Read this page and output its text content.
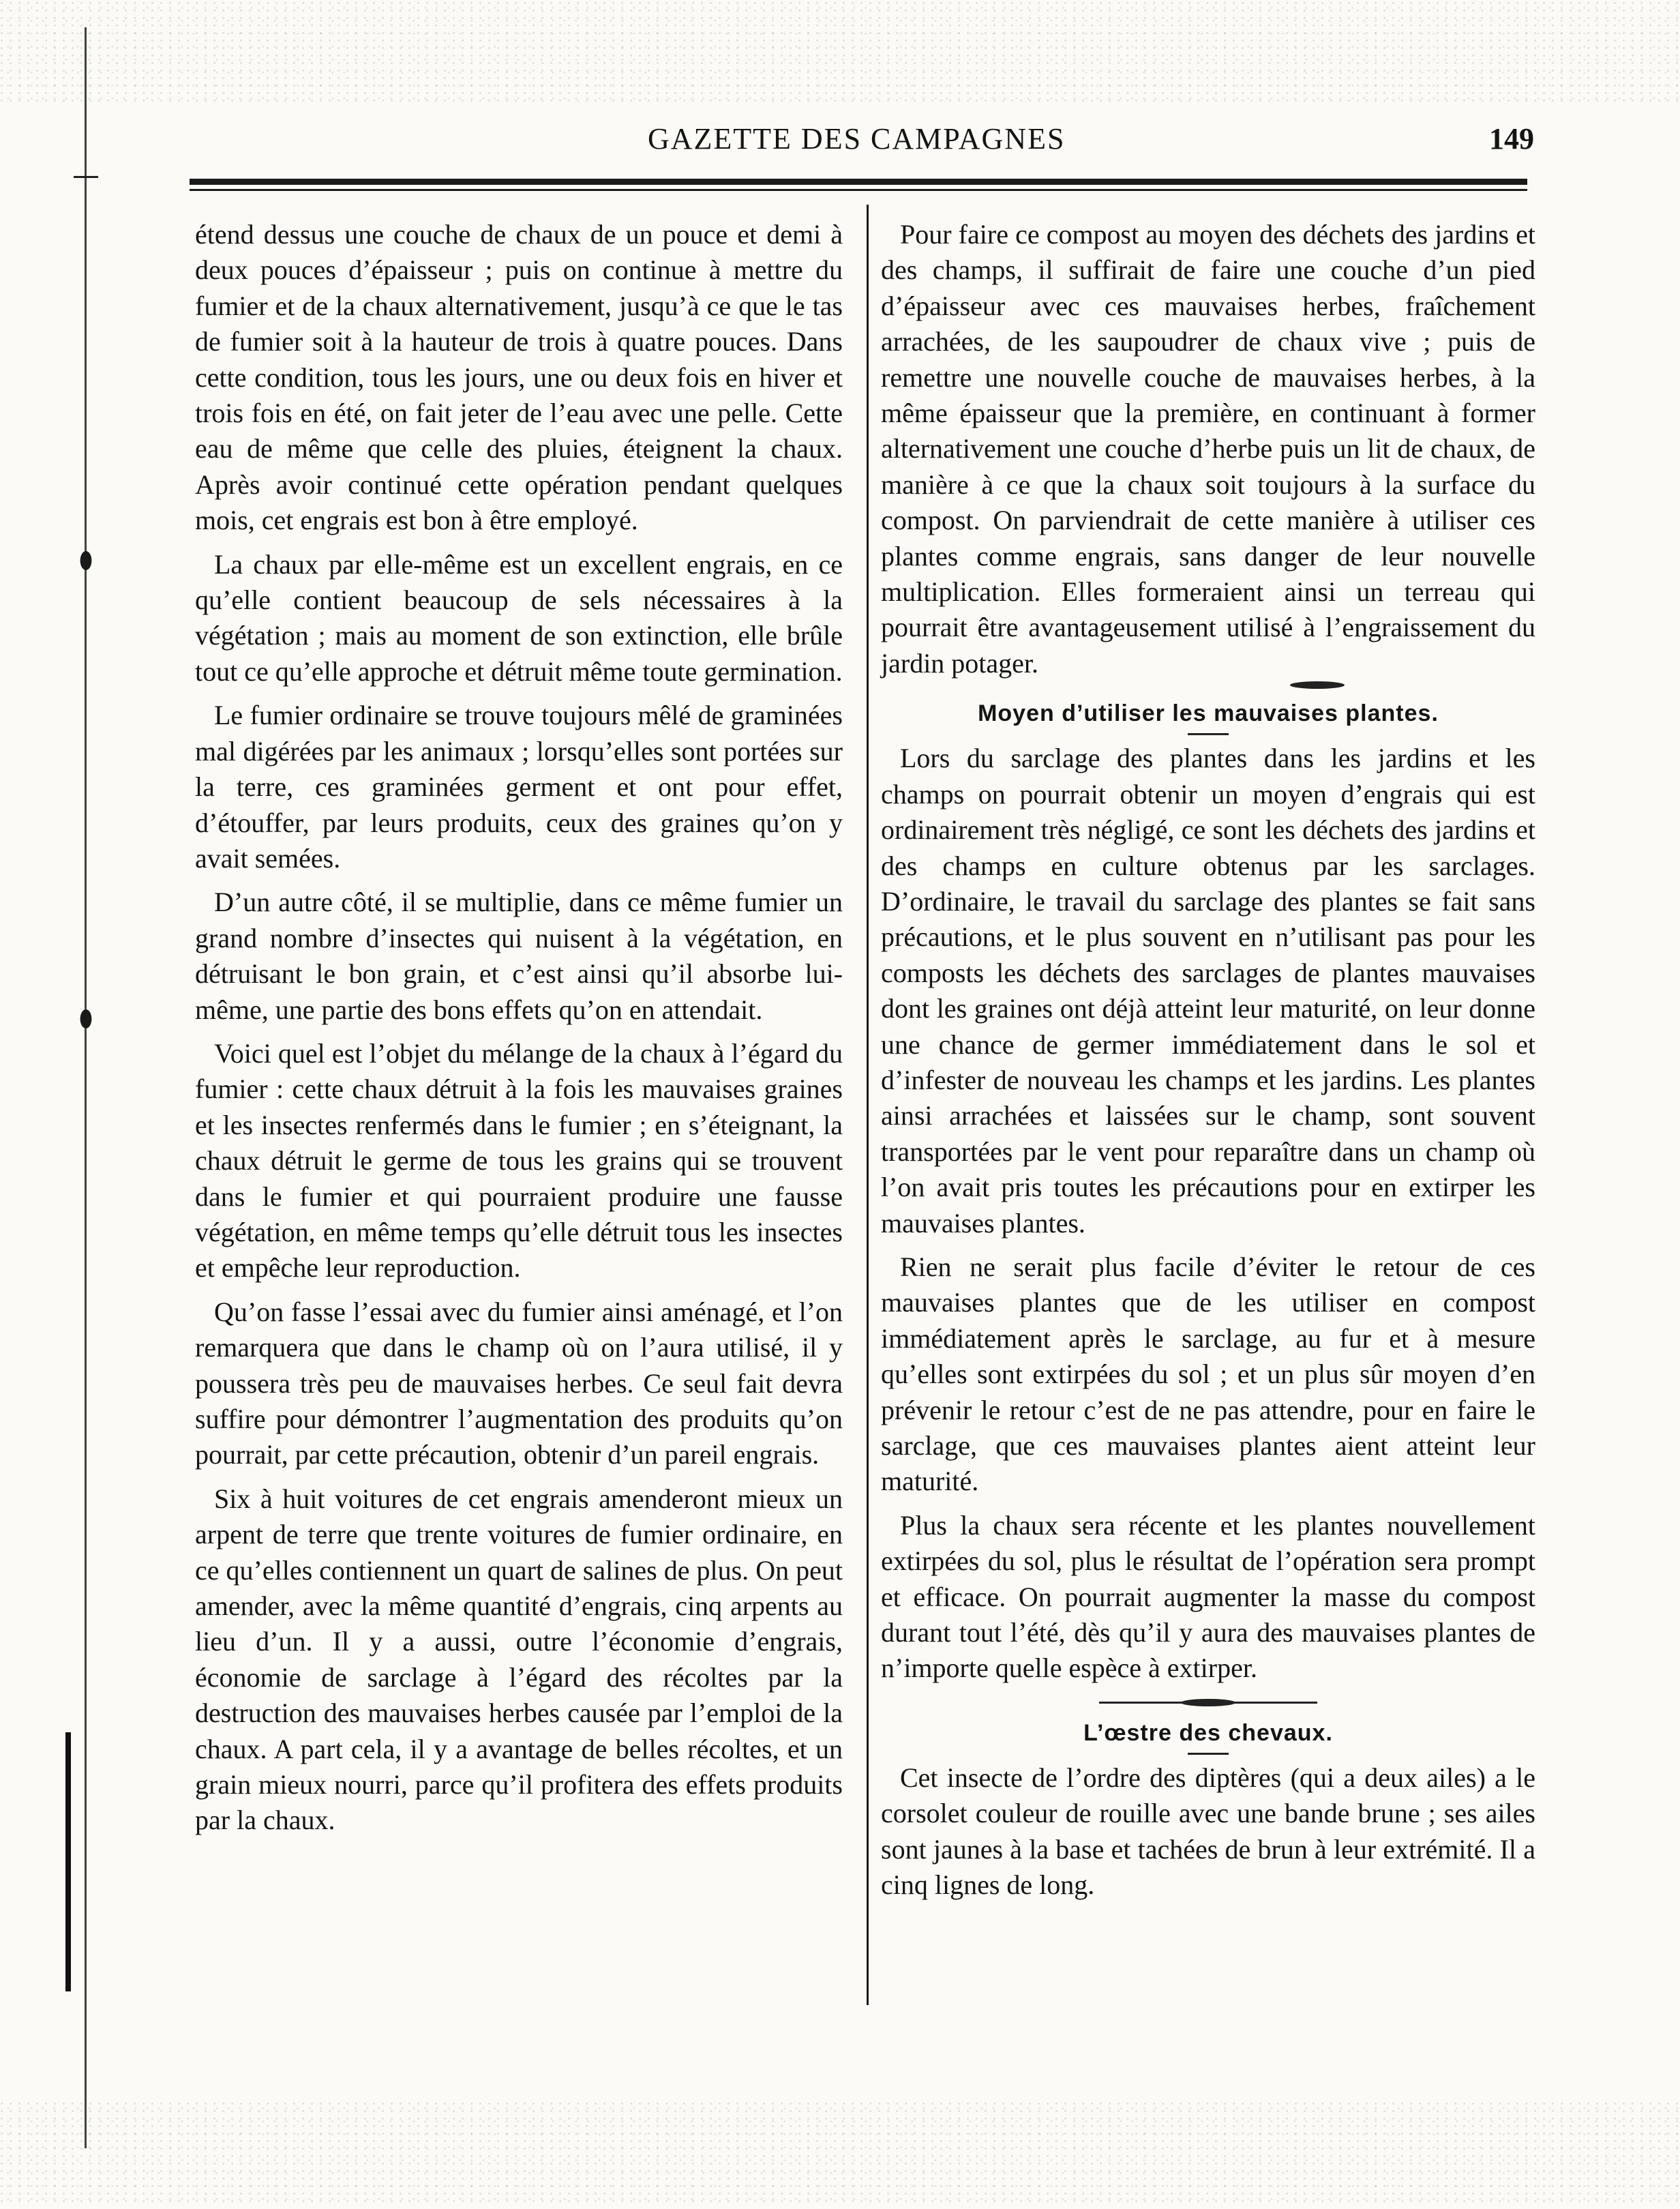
GAZETTE DES CAMPAGNES	149

étend dessus une couche de chaux de un pouce et demi à deux pouces d’épaisseur ; puis on continue à mettre du fumier et de la chaux alternativement, jusqu’à ce que le tas de fumier soit à la hauteur de trois à quatre pouces. Dans cette condition, tous les jours, une ou deux fois en hiver et trois fois en été, on fait jeter de l’eau avec une pelle. Cette eau de même que celle des pluies, éteignent la chaux. Après avoir continué cette opération pendant quelques mois, cet engrais est bon à être employé.

La chaux par elle-même est un excellent engrais, en ce qu’elle contient beaucoup de sels nécessaires à la végétation ; mais au moment de son extinction, elle brûle tout ce qu’elle approche et détruit même toute germination.

Le fumier ordinaire se trouve toujours mêlé de graminées mal digérées par les animaux ; lorsqu’elles sont portées sur la terre, ces graminées germent et ont pour effet, d’étouffer, par leurs produits, ceux des graines qu’on y avait semées.

D’un autre côté, il se multiplie, dans ce même fumier un grand nombre d’insectes qui nuisent à la végétation, en détruisant le bon grain, et c’est ainsi qu’il absorbe lui-même, une partie des bons effets qu’on en attendait.

Voici quel est l’objet du mélange de la chaux à l’égard du fumier : cette chaux détruit à la fois les mauvaises graines et les insectes renfermés dans le fumier ; en s’éteignant, la chaux détruit le germe de tous les grains qui se trouvent dans le fumier et qui pourraient produire une fausse végétation, en même temps qu’elle détruit tous les insectes et empêche leur reproduction.

Qu’on fasse l’essai avec du fumier ainsi aménagé, et l’on remarquera que dans le champ où on l’aura utilisé, il y poussera très peu de mauvaises herbes. Ce seul fait devra suffire pour démontrer l’augmentation des produits qu’on pourrait, par cette précaution, obtenir d’un pareil engrais.

Six à huit voitures de cet engrais amenderont mieux un arpent de terre que trente voitures de fumier ordinaire, en ce qu’elles contiennent un quart de salines de plus. On peut amender, avec la même quantité d’engrais, cinq arpents au lieu d’un. Il y a aussi, outre l’économie d’engrais, économie de sarclage à l’égard des récoltes par la destruction des mauvaises herbes causée par l’emploi de la chaux. A part cela, il y a avantage de belles récoltes, et un grain mieux nourri, parce qu’il profitera des effets produits par la chaux.

Pour faire ce compost au moyen des déchets des jardins et des champs, il suffirait de faire une couche d’un pied d’épaisseur avec ces mauvaises herbes, fraîchement arrachées, de les saupoudrer de chaux vive ; puis de remettre une nouvelle couche de mauvaises herbes, à la même épaisseur que la première, en continuant à former alternativement une couche d’herbe puis un lit de chaux, de manière à ce que la chaux soit toujours à la surface du compost. On parviendrait de cette manière à utiliser ces plantes comme engrais, sans danger de leur nouvelle multiplication. Elles formeraient ainsi un terreau qui pourrait être avantageusement utilisé à l’engraissement du jardin potager.

Moyen d’utiliser les mauvaises plantes.

Lors du sarclage des plantes dans les jardins et les champs on pourrait obtenir un moyen d’engrais qui est ordinairement très négligé, ce sont les déchets des jardins et des champs en culture obtenus par les sarclages. D’ordinaire, le travail du sarclage des plantes se fait sans précautions, et le plus souvent en n’utilisant pas pour les composts les déchets des sarclages de plantes mauvaises dont les graines ont déjà atteint leur maturité, on leur donne une chance de germer immédiatement dans le sol et d’infester de nouveau les champs et les jardins. Les plantes ainsi arrachées et laissées sur le champ, sont souvent transportées par le vent pour reparaître dans un champ où l’on avait pris toutes les précautions pour en extirper les mauvaises plantes.

Rien ne serait plus facile d’éviter le retour de ces mauvaises plantes que de les utiliser en compost immédiatement après le sarclage, au fur et à mesure qu’elles sont extirpées du sol ; et un plus sûr moyen d’en prévenir le retour c’est de ne pas attendre, pour en faire le sarclage, que ces mauvaises plantes aient atteint leur maturité.

Plus la chaux sera récente et les plantes nouvellement extirpées du sol, plus le résultat de l’opération sera prompt et efficace. On pourrait augmenter la masse du compost durant tout l’été, dès qu’il y aura des mauvaises plantes de n’importe quelle espèce à extirper.

L’œstre des chevaux.

Cet insecte de l’ordre des diptères (qui a deux ailes) a le corsolet couleur de rouille avec une bande brune ; ses ailes sont jaunes à la base et tachées de brun à leur extrémité. Il a cinq lignes de long.
